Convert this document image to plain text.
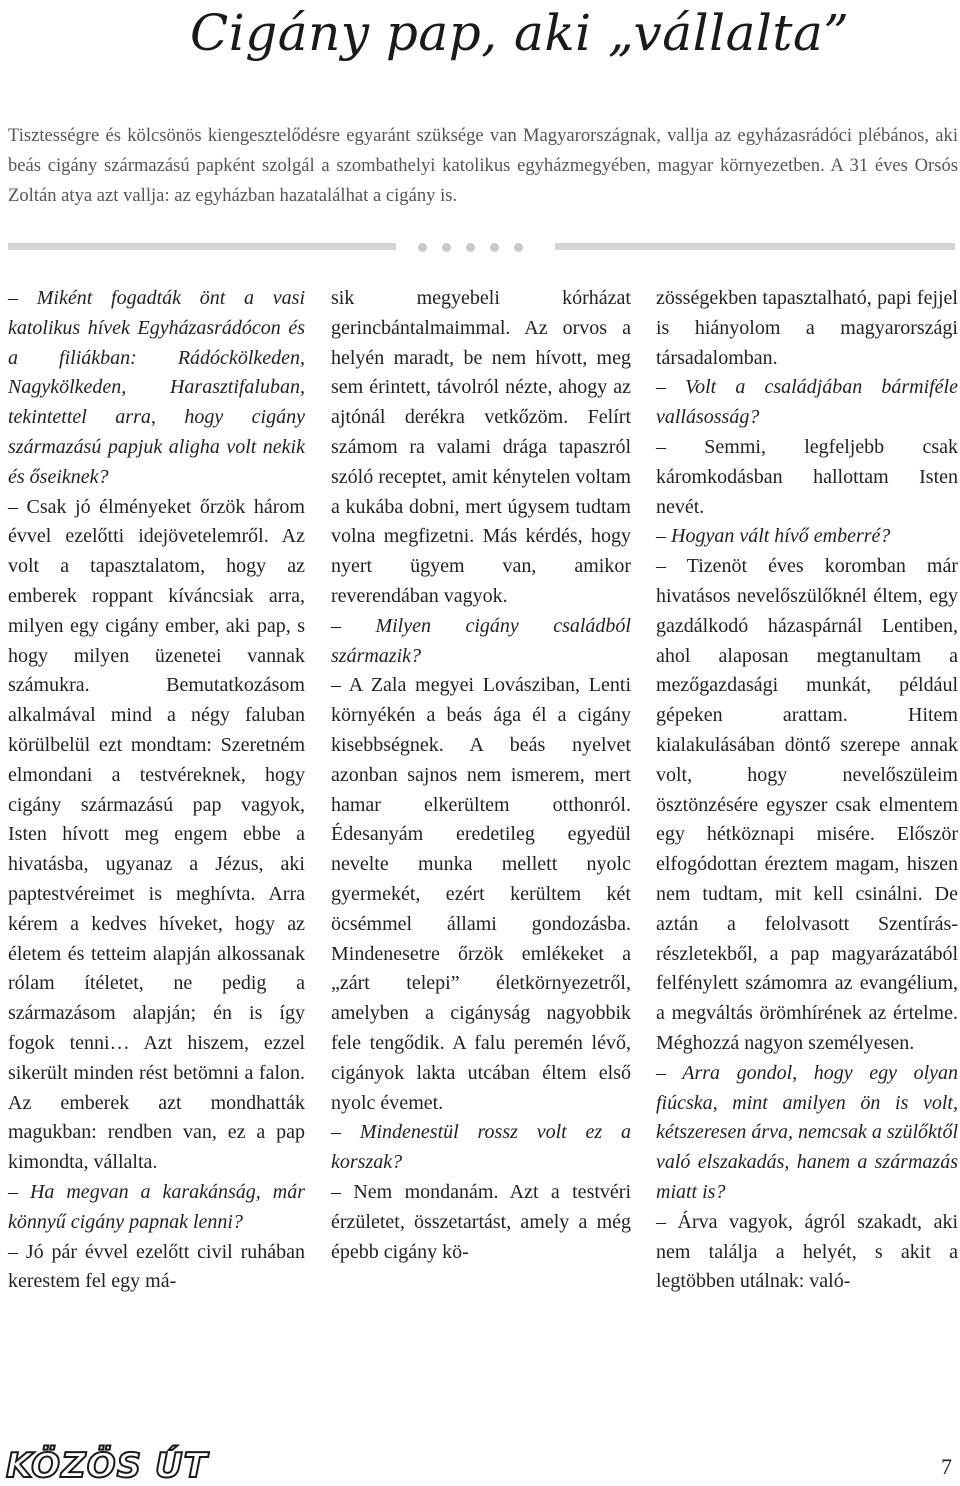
Cigány pap, aki „vállalta”

Tisztességre és kölcsönös kiengesztelődésre egyaránt szüksége van Magyarországnak, vallja az egyházasrádóci plébános, aki beás cigány származású papként szolgál a szombathelyi katolikus egyházmegyében, magyar környezetben. A 31 éves Orsós Zoltán atya azt vallja: az egyházban hazatalálhat a cigány is.

– Miként fogadták önt a vasi katolikus hívek Egyházasrádócon és a filiákban: Rádóckölkeden, Nagykölkeden, Harasztifaluban, tekintettel arra, hogy cigány származású papjuk aligha volt nekik és őseiknek?

– Csak jó élményeket őrzök három évvel ezelőtti idejövetelemről. Az volt a tapasztalatom, hogy az emberek roppant kíváncsiak arra, milyen egy cigány ember, aki pap, s hogy milyen üzenetei vannak számukra. Bemutatkozásom alkalmával mind a négy faluban körülbelül ezt mondtam: Szeretném elmondani a testvéreknek, hogy cigány származású pap vagyok, Isten hívott meg engem ebbe a hivatásba, ugyanaz a Jézus, aki paptestvéreimet is meghívta. Arra kérem a kedves híveket, hogy az életem és tetteim alapján alkossanak rólam ítéletet, ne pedig a származásom alapján; én is így fogok tenni… Azt hiszem, ezzel sikerült minden rést betömni a falon. Az emberek azt mondhatták magukban: rendben van, ez a pap kimondta, vállalta.

– Ha megvan a karakánság, már könnyű cigány papnak lenni?

– Jó pár évvel ezelőtt civil ruhában kerestem fel egy má-

sik megyebeli kórházat gerincbántalmaimmal. Az orvos a helyén maradt, be nem hívott, meg sem érintett, távolról nézte, ahogy az ajtónál derékra vetkőzöm. Felírt számom ra valami drága tapaszról szóló receptet, amit kénytelen voltam a kukába dobni, mert úgysem tudtam volna megfizetni. Más kérdés, hogy nyert ügyem van, amikor reverendában vagyok.

– Milyen cigány családból származik?

– A Zala megyei Lovásziban, Lenti környékén a beás ága él a cigány kisebbségnek. A beás nyelvet azonban sajnos nem ismerem, mert hamar elkerültem otthonról. Édesanyám eredetileg egyedül nevelte munka mellett nyolc gyermekét, ezért kerültem két öcsémmel állami gondozásba. Mindenesetre őrzök emlékeket a „zárt telepi” életkörnyezetről, amelyben a cigányság nagyobbik fele tengődik. A falu peremén lévő, cigányok lakta utcában éltem első nyolc évemet.

– Mindenestül rossz volt ez a korszak?

– Nem mondanám. Azt a testvéri érzületet, összetartást, amely a még épebb cigány kö-

zösségekben tapasztalható, papi fejjel is hiányolom a magyarországi társadalomban.

– Volt a családjában bármiféle vallásosság?

– Semmi, legfeljebb csak káromkodásban hallottam Isten nevét.

– Hogyan vált hívő emberré?

– Tizenöt éves koromban már hivatásos nevelőszülőknél éltem, egy gazdálkodó házaspárnál Lentiben, ahol alaposan megtanultam a mezőgazdasági munkát, például gépeken arattam. Hitem kialakulásában döntő szerepe annak volt, hogy nevelőszüleim ösztönzésére egyszer csak elmentem egy hétköznapi misére. Először elfogódottan éreztem magam, hiszen nem tudtam, mit kell csinálni. De aztán a felolvasott Szentírás-részletekből, a pap magyarázatából felfénylett számomra az evangélium, a megváltás örömhírének az értelme. Méghozzá nagyon személyesen.

– Arra gondol, hogy egy olyan fiúcska, mint amilyen ön is volt, kétszeresen árva, nemcsak a szülőktől való elszakadás, hanem a származás miatt is?

– Árva vagyok, ágról szakadt, aki nem találja a helyét, s akit a legtöbben utálnak: való-

KÖZÖS ÚT	7
